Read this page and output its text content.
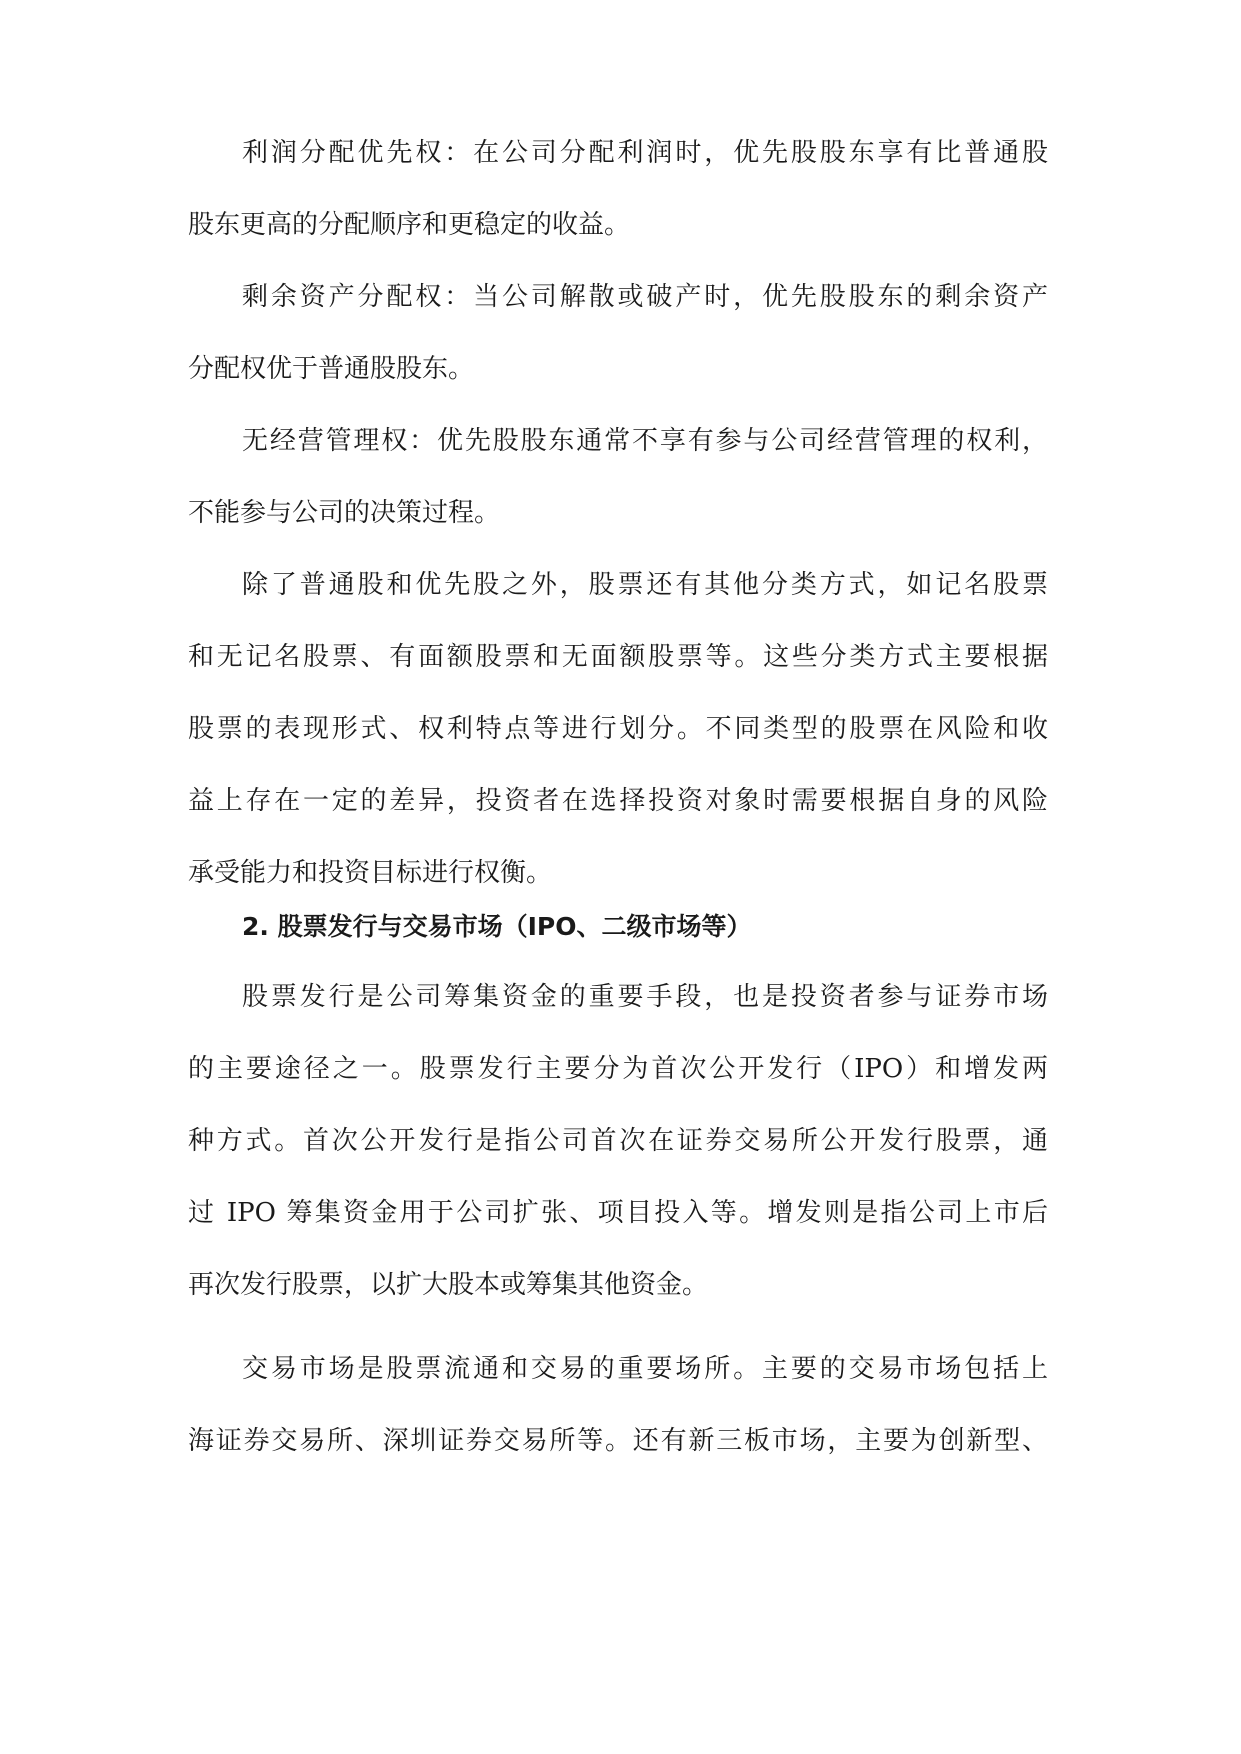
利润分配优先权：在公司分配利润时，优先股股东享有比普通股
股东更高的分配顺序和更稳定的收益。
剩余资产分配权：当公司解散或破产时，优先股股东的剩余资产
分配权优于普通股股东。
无经营管理权：优先股股东通常不享有参与公司经营管理的权利，
不能参与公司的决策过程。
除了普通股和优先股之外，股票还有其他分类方式，如记名股票
和无记名股票、有面额股票和无面额股票等。这些分类方式主要根据
股票的表现形式、权利特点等进行划分。不同类型的股票在风险和收
益上存在一定的差异，投资者在选择投资对象时需要根据自身的风险
承受能力和投资目标进行权衡。
2. 股票发行与交易市场（IPO、二级市场等）
股票发行是公司筹集资金的重要手段，也是投资者参与证券市场
的主要途径之一。股票发行主要分为首次公开发行（IPO）和增发两
种方式。首次公开发行是指公司首次在证券交易所公开发行股票，通
过 IPO 筹集资金用于公司扩张、项目投入等。增发则是指公司上市后
再次发行股票，以扩大股本或筹集其他资金。
交易市场是股票流通和交易的重要场所。主要的交易市场包括上
海证券交易所、深圳证券交易所等。还有新三板市场，主要为创新型、
